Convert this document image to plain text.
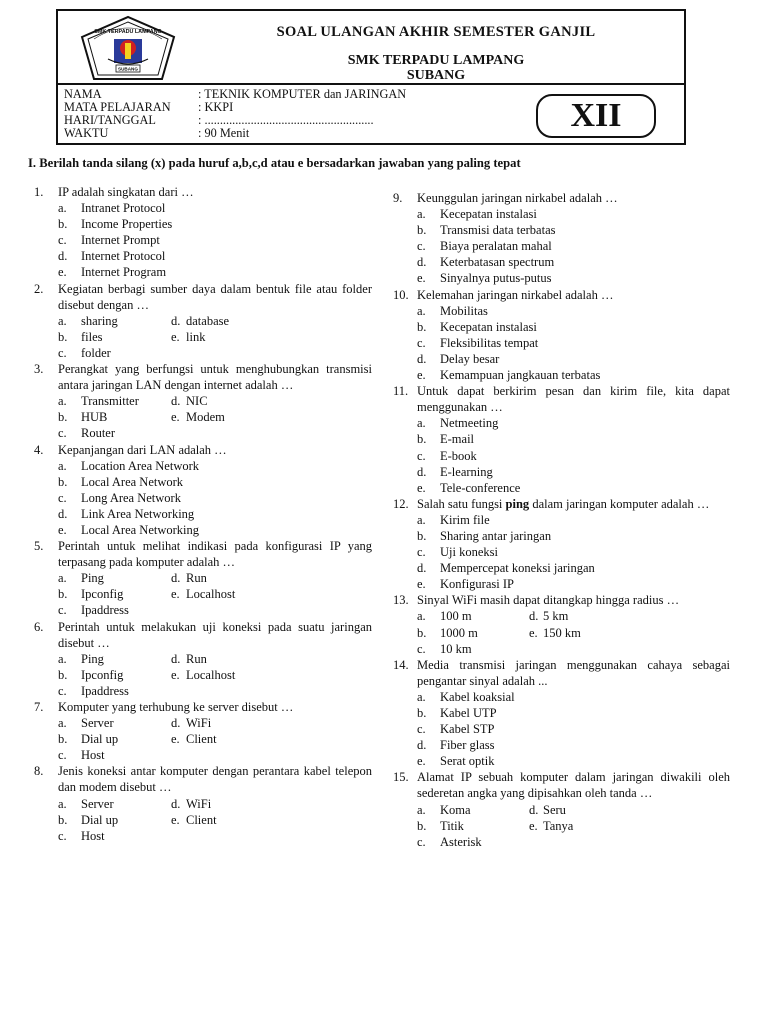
SMK TERPADU LAMPANG
SUBANG
SOAL ULANGAN AKHIR SEMESTER GANJIL
SMK TERPADU LAMPANG
SUBANG
NAMA	: TEKNIK KOMPUTER dan JARINGAN
MATA PELAJARAN : KKPI
HARI/TANGGAL	: .......................................................
WAKTU	: 90 Menit	XII
I. Berilah tanda silang (x) pada huruf a,b,c,d atau e bersadarkan jawaban yang paling tepat
1. IP adalah singkatan dari …
a. Intranet Protocol
b. Income Properties
c. Internet Prompt
d. Internet Protocol
e. Internet Program
2. Kegiatan berbagi sumber daya dalam bentuk file atau folder disebut dengan …
a. sharing	d. database
b. files	e. link
c. folder
3. Perangkat yang berfungsi untuk menghubungkan transmisi antara jaringan LAN dengan internet adalah …
a. Transmitter	d. NIC
b. HUB	e. Modem
c. Router
4. Kepanjangan dari LAN adalah …
a. Location Area Network
b. Local Area Network
c. Long Area Network
d. Link Area Networking
e. Local Area Networking
5. Perintah untuk melihat indikasi pada konfigurasi IP yang terpasang pada komputer adalah …
a. Ping	d. Run
b. Ipconfig	e. Localhost
c. Ipaddress
6. Perintah untuk melakukan uji koneksi pada suatu jaringan disebut …
a. Ping	d. Run
b. Ipconfig	e. Localhost
c. Ipaddress
7. Komputer yang terhubung ke server disebut …
a. Server	d. WiFi
b. Dial up	e. Client
c. Host
8. Jenis koneksi antar komputer dengan perantara kabel telepon dan modem disebut …
a. Server	d. WiFi
b. Dial up	e. Client
c. Host
9. Keunggulan jaringan nirkabel adalah …
a. Kecepatan instalasi
b. Transmisi data terbatas
c. Biaya peralatan mahal
d. Keterbatasan spectrum
e. Sinyalnya putus-putus
10. Kelemahan jaringan nirkabel adalah …
a. Mobilitas
b. Kecepatan instalasi
c. Fleksibilitas tempat
d. Delay besar
e. Kemampuan jangkauan terbatas
11. Untuk dapat berkirim pesan dan kirim file, kita dapat menggunakan …
a. Netmeeting
b. E-mail
c. E-book
d. E-learning
e. Tele-conference
12. Salah satu fungsi ping dalam jaringan komputer adalah …
a. Kirim file
b. Sharing antar jaringan
c. Uji koneksi
d. Mempercepat koneksi jaringan
e. Konfigurasi IP
13. Sinyal WiFi masih dapat ditangkap hingga radius …
a. 100 m	d. 5 km
b. 1000 m	e. 150 km
c. 10 km
14. Media transmisi jaringan menggunakan cahaya sebagai pengantar sinyal adalah ...
a. Kabel koaksial
b. Kabel UTP
c. Kabel STP
d. Fiber glass
e. Serat optik
15. Alamat IP sebuah komputer dalam jaringan diwakili oleh sederetan angka yang dipisahkan oleh tanda …
a. Koma	d. Seru
b. Titik	e. Tanya
c. Asterisk
